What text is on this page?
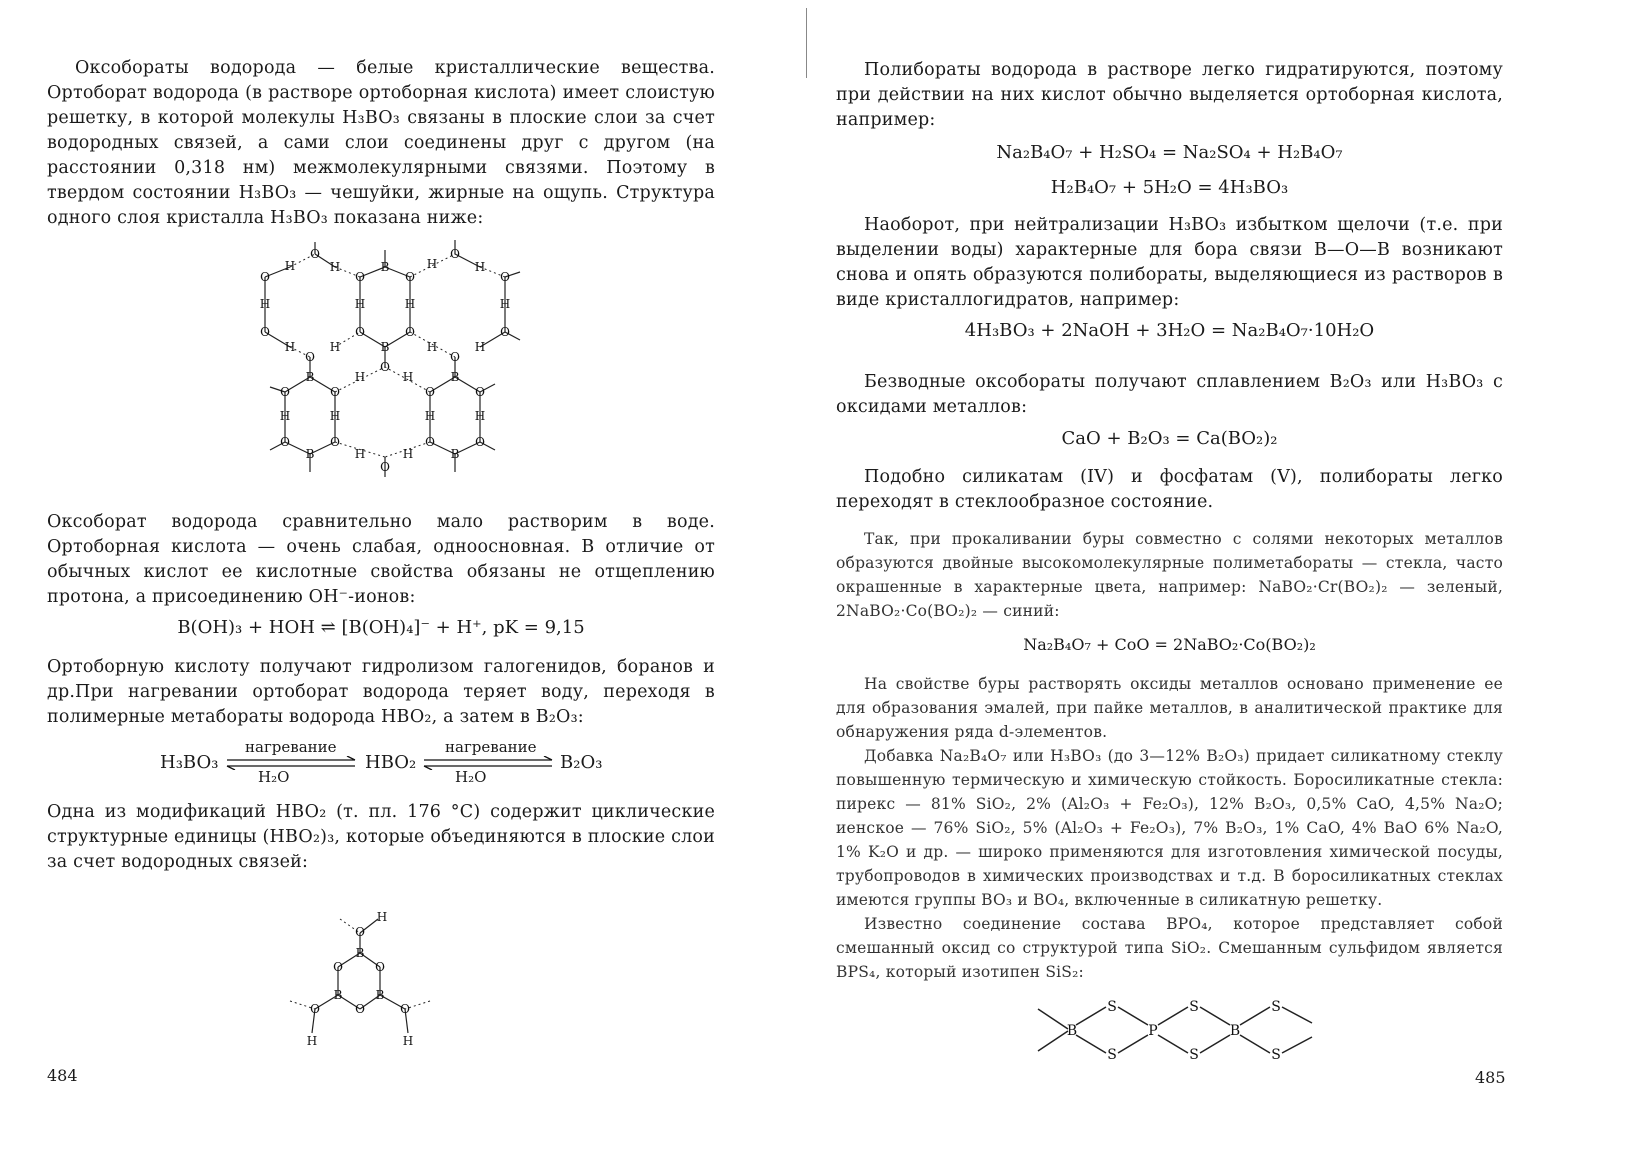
Оксобораты водорода — белые кристаллические вещества. Ортоборат водорода (в растворе ортоборная кислота) имеет слоистую решетку, в которой молекулы H₃BO₃ связаны в плоские слои за счет водородных связей, а сами слои соединены друг с другом (на расстоянии 0,318 нм) межмолекулярными связями. Поэтому в твердом состоянии H₃BO₃ — чешуйки, жирные на ощупь. Структура одного слоя кристалла H₃BO₃ показана ниже:
O
H
O
H
O
B
O
H
O
H
O
H	H	H	H
O	O	O	O
H	H	B	H	H
O
O
O
B	H	H	B
O	O	O	O
H	H	H	H
O	O	O	O
B	H	H	B
O
Оксоборат водорода сравнительно мало растворим в воде. Ортоборная кислота — очень слабая, одноосновная. В отличие от обычных кислот ее кислотные свойства обязаны не отщеплению протона, а присоединению OH⁻-ионов:
B(OH)₃ + HOH ⇌ [B(OH)₄]⁻ + H⁺, pK = 9,15
Ортоборную кислоту получают гидролизом галогенидов, боранов и др. При нагревании ортоборат водорода теряет воду, переходя в полимерные метабораты водорода HBO₂, а затем в B₂O₃:
H₃BO₃
нагревание
H₂O
HBO₂
нагревание
H₂O
B₂O₃
Одна из модификаций HBO₂ (т. пл. 176 °C) содержит циклические структурные единицы (HBO₂)₃, которые объединяются в плоские слои за счет водородных связей:
H
O
B
O	O
B	B
O
O	O
H	H
484
Полибораты водорода в растворе легко гидратируются, поэтому при действии на них кислот обычно выделяется ортоборная кислота, например:
Na₂B₄O₇ + H₂SO₄ = Na₂SO₄ + H₂B₄O₇
H₂B₄O₇ + 5H₂O = 4H₃BO₃
Наоборот, при нейтрализации H₃BO₃ избытком щелочи (т.е. при выделении воды) характерные для бора связи B—O—B возникают снова и опять образуются полибораты, выделяющиеся из растворов в виде кристаллогидратов, например:
4H₃BO₃ + 2NaOH + 3H₂O = Na₂B₄O₇·10H₂O
Безводные оксобораты получают сплавлением B₂O₃ или H₃BO₃ с оксидами металлов:
CaO + B₂O₃ = Ca(BO₂)₂
Подобно силикатам (IV) и фосфатам (V), полибораты легко переходят в стеклообразное состояние.
Так, при прокаливании буры совместно с солями некоторых металлов образуются двойные высокомолекулярные полиметабораты — стекла, часто окрашенные в характерные цвета, например: NaBO₂·Cr(BO₂)₂ — зеленый, 2NaBO₂·Co(BO₂)₂ — синий:
Na₂B₄O₇ + CoO = 2NaBO₂·Co(BO₂)₂
На свойстве буры растворять оксиды металлов основано применение ее для образования эмалей, при пайке металлов, в аналитической практике для обнаружения ряда d-элементов.
Добавка Na₂B₄O₇ или H₃BO₃ (до 3—12% B₂O₃) придает силикатному стеклу повышенную термическую и химическую стойкость. Боросиликатные стекла: пирекс — 81% SiO₂, 2% (Al₂O₃ + Fe₂O₃), 12% B₂O₃, 0,5% CaO, 4,5% Na₂O; иенское — 76% SiO₂, 5% (Al₂O₃ + Fe₂O₃), 7% B₂O₃, 1% CaO, 4% BaO 6% Na₂O, 1% K₂O и др. — широко применяются для изготовления химической посуды, трубопроводов в химических производствах и т.д. В боросиликатных стеклах имеются группы BO₃ и BO₄, включенные в силикатную решетку.
Известно соединение состава BPO₄, которое представляет собой смешанный оксид со структурой типа SiO₂. Смешанным сульфидом является BPS₄, который изотипен SiS₂:
B
S
S
P
S
S
B
S
S
485
